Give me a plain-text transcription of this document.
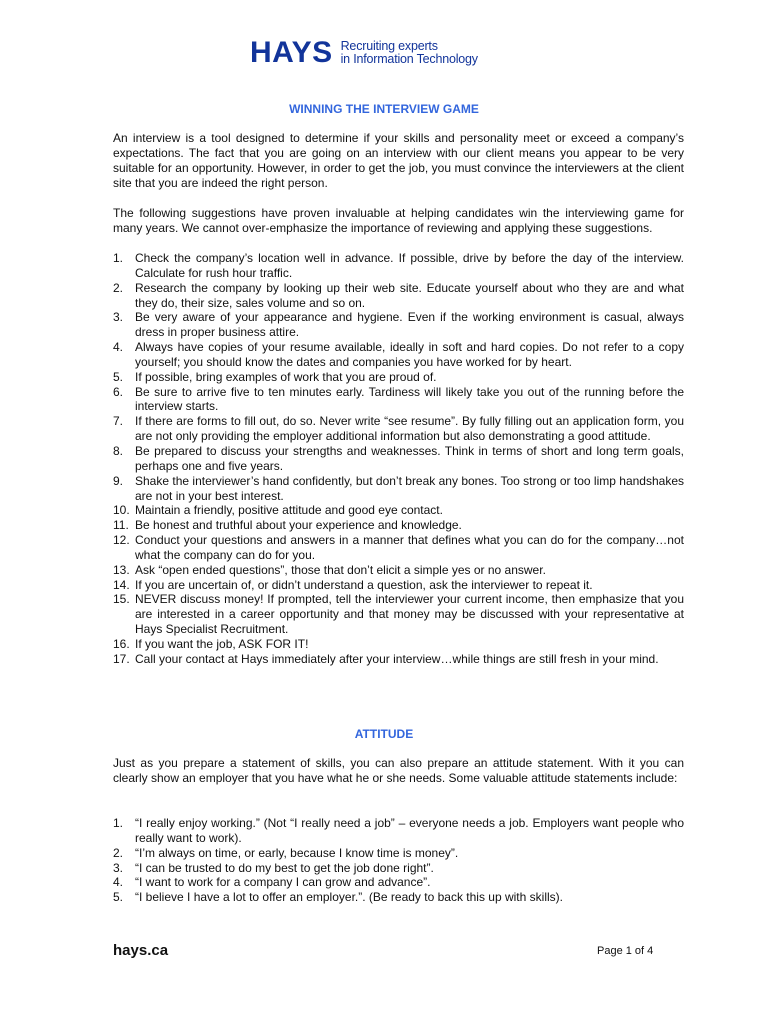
HAYS Recruiting experts
in Information Technology
WINNING THE INTERVIEW GAME

An interview is a tool designed to determine if your skills and personality meet or exceed a company’s expectations. The fact that you are going on an interview with our client means you appear to be very suitable for an opportunity. However, in order to get the job, you must convince the interviewers at the client site that you are indeed the right person.

The following suggestions have proven invaluable at helping candidates win the interviewing game for many years. We cannot over-emphasize the importance of reviewing and applying these suggestions.

1. Check the company’s location well in advance. If possible, drive by before the day of the interview. Calculate for rush hour traffic.
2. Research the company by looking up their web site. Educate yourself about who they are and what they do, their size, sales volume and so on.
3. Be very aware of your appearance and hygiene. Even if the working environment is casual, always dress in proper business attire.
4. Always have copies of your resume available, ideally in soft and hard copies. Do not refer to a copy yourself; you should know the dates and companies you have worked for by heart.
5. If possible, bring examples of work that you are proud of.
6. Be sure to arrive five to ten minutes early. Tardiness will likely take you out of the running before the interview starts.
7. If there are forms to fill out, do so. Never write “see resume”. By fully filling out an application form, you are not only providing the employer additional information but also demonstrating a good attitude.
8. Be prepared to discuss your strengths and weaknesses. Think in terms of short and long term goals, perhaps one and five years.
9. Shake the interviewer’s hand confidently, but don’t break any bones. Too strong or too limp handshakes are not in your best interest.
10. Maintain a friendly, positive attitude and good eye contact.
11. Be honest and truthful about your experience and knowledge.
12. Conduct your questions and answers in a manner that defines what you can do for the company…not what the company can do for you.
13. Ask “open ended questions”, those that don’t elicit a simple yes or no answer.
14. If you are uncertain of, or didn’t understand a question, ask the interviewer to repeat it.
15. NEVER discuss money! If prompted, tell the interviewer your current income, then emphasize that you are interested in a career opportunity and that money may be discussed with your representative at Hays Specialist Recruitment.
16. If you want the job, ASK FOR IT!
17. Call your contact at Hays immediately after your interview…while things are still fresh in your mind.
ATTITUDE

Just as you prepare a statement of skills, you can also prepare an attitude statement. With it you can clearly show an employer that you have what he or she needs. Some valuable attitude statements include:

1. “I really enjoy working.” (Not “I really need a job” – everyone needs a job. Employers want people who really want to work).
2. “I’m always on time, or early, because I know time is money”.
3. “I can be trusted to do my best to get the job done right”.
4. “I want to work for a company I can grow and advance”.
5. “I believe I have a lot to offer an employer.”. (Be ready to back this up with skills).
hays.ca	Page 1 of 4
